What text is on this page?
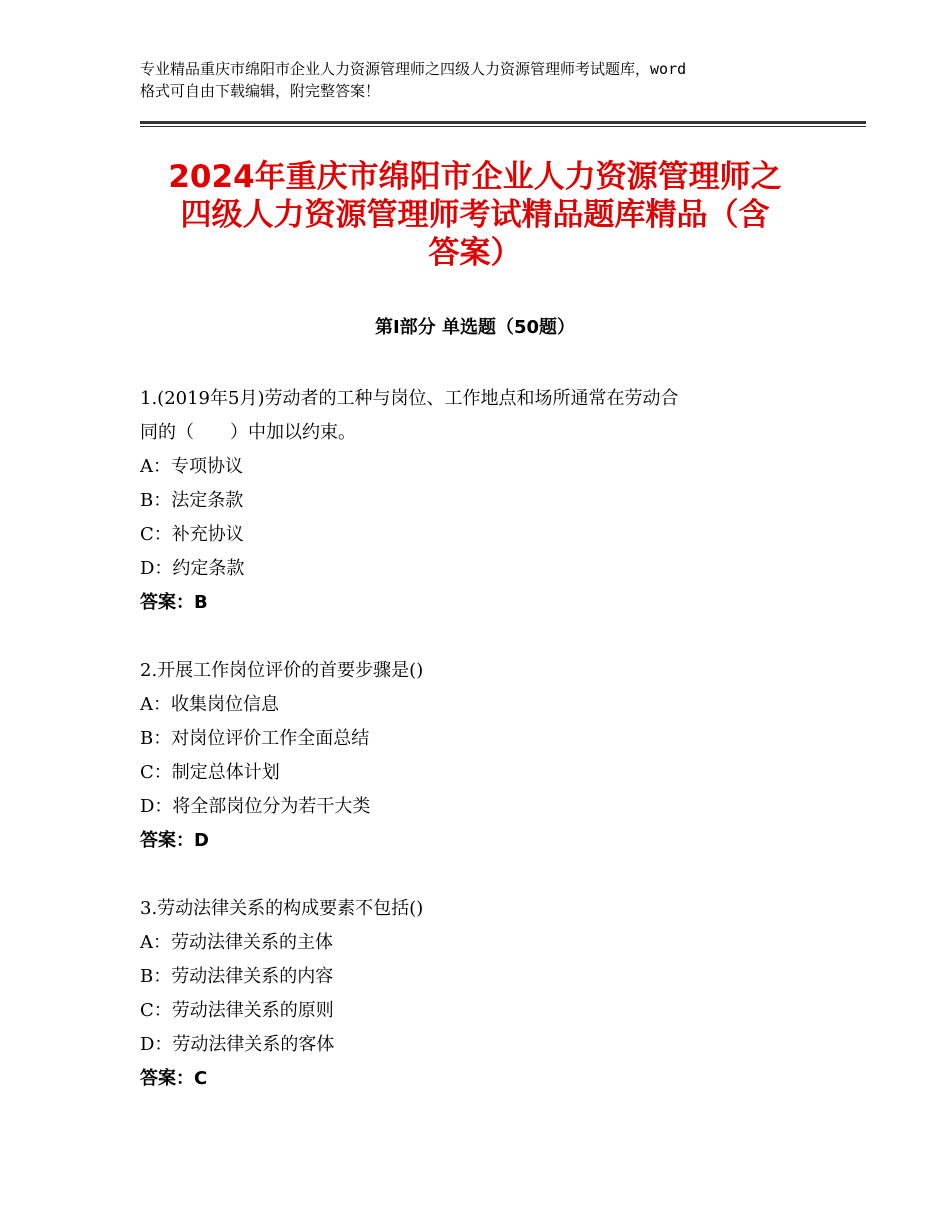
专业精品重庆市绵阳市企业人力资源管理师之四级人力资源管理师考试题库，word
格式可自由下载编辑，附完整答案！
2024年重庆市绵阳市企业人力资源管理师之
四级人力资源管理师考试精品题库精品（含
答案）
第Ⅰ部分 单选题（50题）
1.(2019年5月)劳动者的工种与岗位、工作地点和场所通常在劳动合
同的（ ）中加以约束。
A：专项协议
B：法定条款
C：补充协议
D：约定条款
答案：B
2.开展工作岗位评价的首要步骤是()
A：收集岗位信息
B：对岗位评价工作全面总结
C：制定总体计划
D：将全部岗位分为若干大类
答案：D
3.劳动法律关系的构成要素不包括()
A：劳动法律关系的主体
B：劳动法律关系的内容
C：劳动法律关系的原则
D：劳动法律关系的客体
答案：C
